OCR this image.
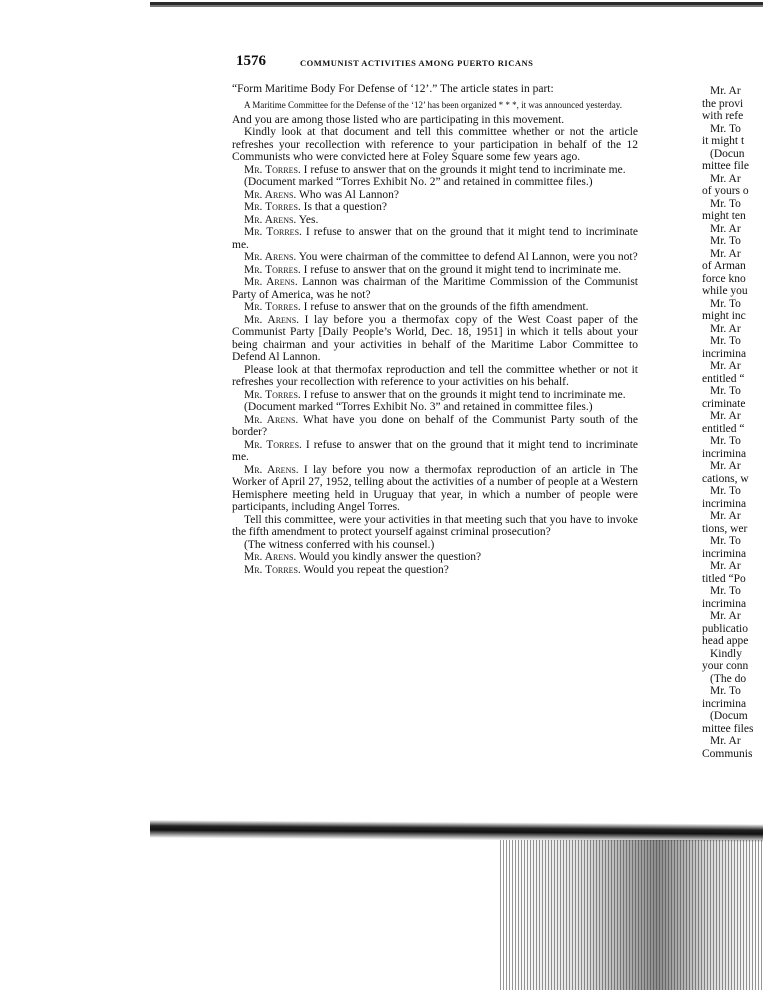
1576	COMMUNIST ACTIVITIES AMONG PUERTO RICANS

“Form Maritime Body For Defense of ‘12’.” The article states in part:

A Maritime Committee for the Defense of the ‘12’ has been organized * * *, it was announced yesterday.

And you are among those listed who are participating in this movement.

Kindly look at that document and tell this committee whether or not the article refreshes your recollection with reference to your participation in behalf of the 12 Communists who were convicted here at Foley Square some few years ago.

Mr. Torres. I refuse to answer that on the grounds it might tend to incriminate me.

(Document marked “Torres Exhibit No. 2” and retained in committee files.)

Mr. Arens. Who was Al Lannon?

Mr. Torres. Is that a question?

Mr. Arens. Yes.

Mr. Torres. I refuse to answer that on the ground that it might tend to incriminate me.

Mr. Arens. You were chairman of the committee to defend Al Lannon, were you not?

Mr. Torres. I refuse to answer that on the ground it might tend to incriminate me.

Mr. Arens. Lannon was chairman of the Maritime Commission of the Communist Party of America, was he not?

Mr. Torres. I refuse to answer that on the grounds of the fifth amendment.

Mr. Arens. I lay before you a thermofax copy of the West Coast paper of the Communist Party [Daily People’s World, Dec. 18, 1951] in which it tells about your being chairman and your activities in behalf of the Maritime Labor Committee to Defend Al Lannon.

Please look at that thermofax reproduction and tell the committee whether or not it refreshes your recollection with reference to your activities on his behalf.

Mr. Torres. I refuse to answer that on the grounds it might tend to incriminate me.

(Document marked “Torres Exhibit No. 3” and retained in committee files.)

Mr. Arens. What have you done on behalf of the Communist Party south of the border?

Mr. Torres. I refuse to answer that on the ground that it might tend to incriminate me.

Mr. Arens. I lay before you now a thermofax reproduction of an article in The Worker of April 27, 1952, telling about the activities of a number of people at a Western Hemisphere meeting held in Uruguay that year, in which a number of people were participants, including Angel Torres.

Tell this committee, were your activities in that meeting such that you have to invoke the fifth amendment to protect yourself against criminal prosecution?

(The witness conferred with his counsel.)

Mr. Arens. Would you kindly answer the question?

Mr. Torres. Would you repeat the question?

Mr. Ar
the provi
with refe
Mr. To
it might t
(Docun
mittee file
Mr. Ar
of yours o
Mr. To
might ten
Mr. Ar
Mr. To
Mr. Ar
of Arman
force kno
while you
Mr. To
might inc
Mr. Ar
Mr. To
incrimina
Mr. Ar
entitled “
Mr. To
criminate
Mr. Ar
entitled “
Mr. To
incrimina
Mr. Ar
cations, w
Mr. To
incrimina
Mr. Ar
tions, wer
Mr. To
incrimina
Mr. Ar
titled “Po
Mr. To
incrimina
Mr. Ar
publicatio
head appe
Kindly
your conn
(The do
Mr. To
incrimina
(Docum
mittee files
Mr. Ar
Communis
